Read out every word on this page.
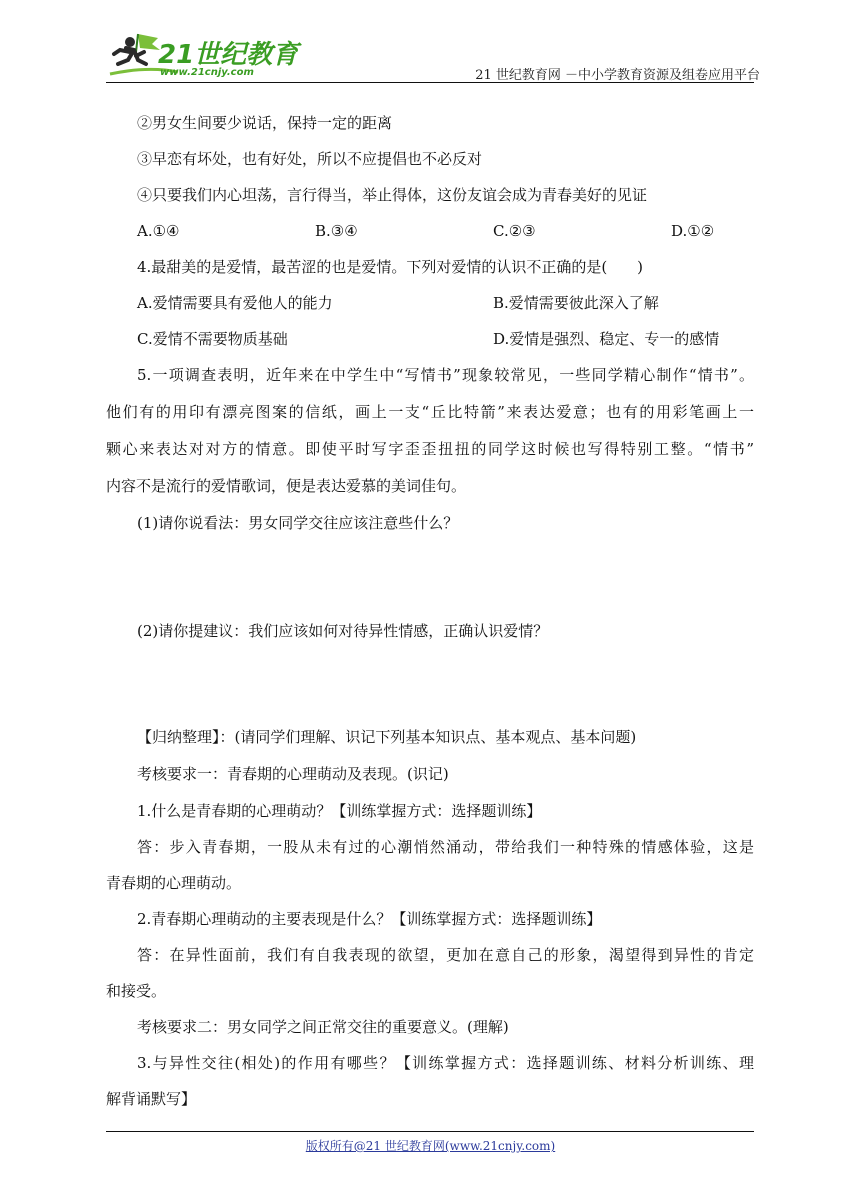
21世纪教育
www.21cnjy.com	21 世纪教育网 －中小学教育资源及组卷应用平台
②男女生间要少说话，保持一定的距离
③早恋有坏处，也有好处，所以不应提倡也不必反对
④只要我们内心坦荡，言行得当，举止得体，这份友谊会成为青春美好的见证
A.①④	B.③④	C.②③	D.①②
4.最甜美的是爱情，最苦涩的也是爱情。下列对爱情的认识不正确的是(　　)
A.爱情需要具有爱他人的能力	B.爱情需要彼此深入了解
C.爱情不需要物质基础	D.爱情是强烈、稳定、专一的感情
5.一项调查表明，近年来在中学生中“写情书”现象较常见，一些同学精心制作“情书”。
他们有的用印有漂亮图案的信纸，画上一支“丘比特箭”来表达爱意；也有的用彩笔画上一
颗心来表达对对方的情意。即使平时写字歪歪扭扭的同学这时候也写得特别工整。“情书”
内容不是流行的爱情歌词，便是表达爱慕的美词佳句。
(1)请你说看法：男女同学交往应该注意些什么？
(2)请你提建议：我们应该如何对待异性情感，正确认识爱情？
【归纳整理】：(请同学们理解、识记下列基本知识点、基本观点、基本问题)
考核要求一：青春期的心理萌动及表现。(识记)
1.什么是青春期的心理萌动？【训练掌握方式：选择题训练】
答：步入青春期，一股从未有过的心潮悄然涌动，带给我们一种特殊的情感体验，这是
青春期的心理萌动。
2.青春期心理萌动的主要表现是什么？【训练掌握方式：选择题训练】
答：在异性面前，我们有自我表现的欲望，更加在意自己的形象，渴望得到异性的肯定
和接受。
考核要求二：男女同学之间正常交往的重要意义。(理解)
3.与异性交往(相处)的作用有哪些？【训练掌握方式：选择题训练、材料分析训练、理
解背诵默写】
版权所有@21 世纪教育网(www.21cnjy.com)
